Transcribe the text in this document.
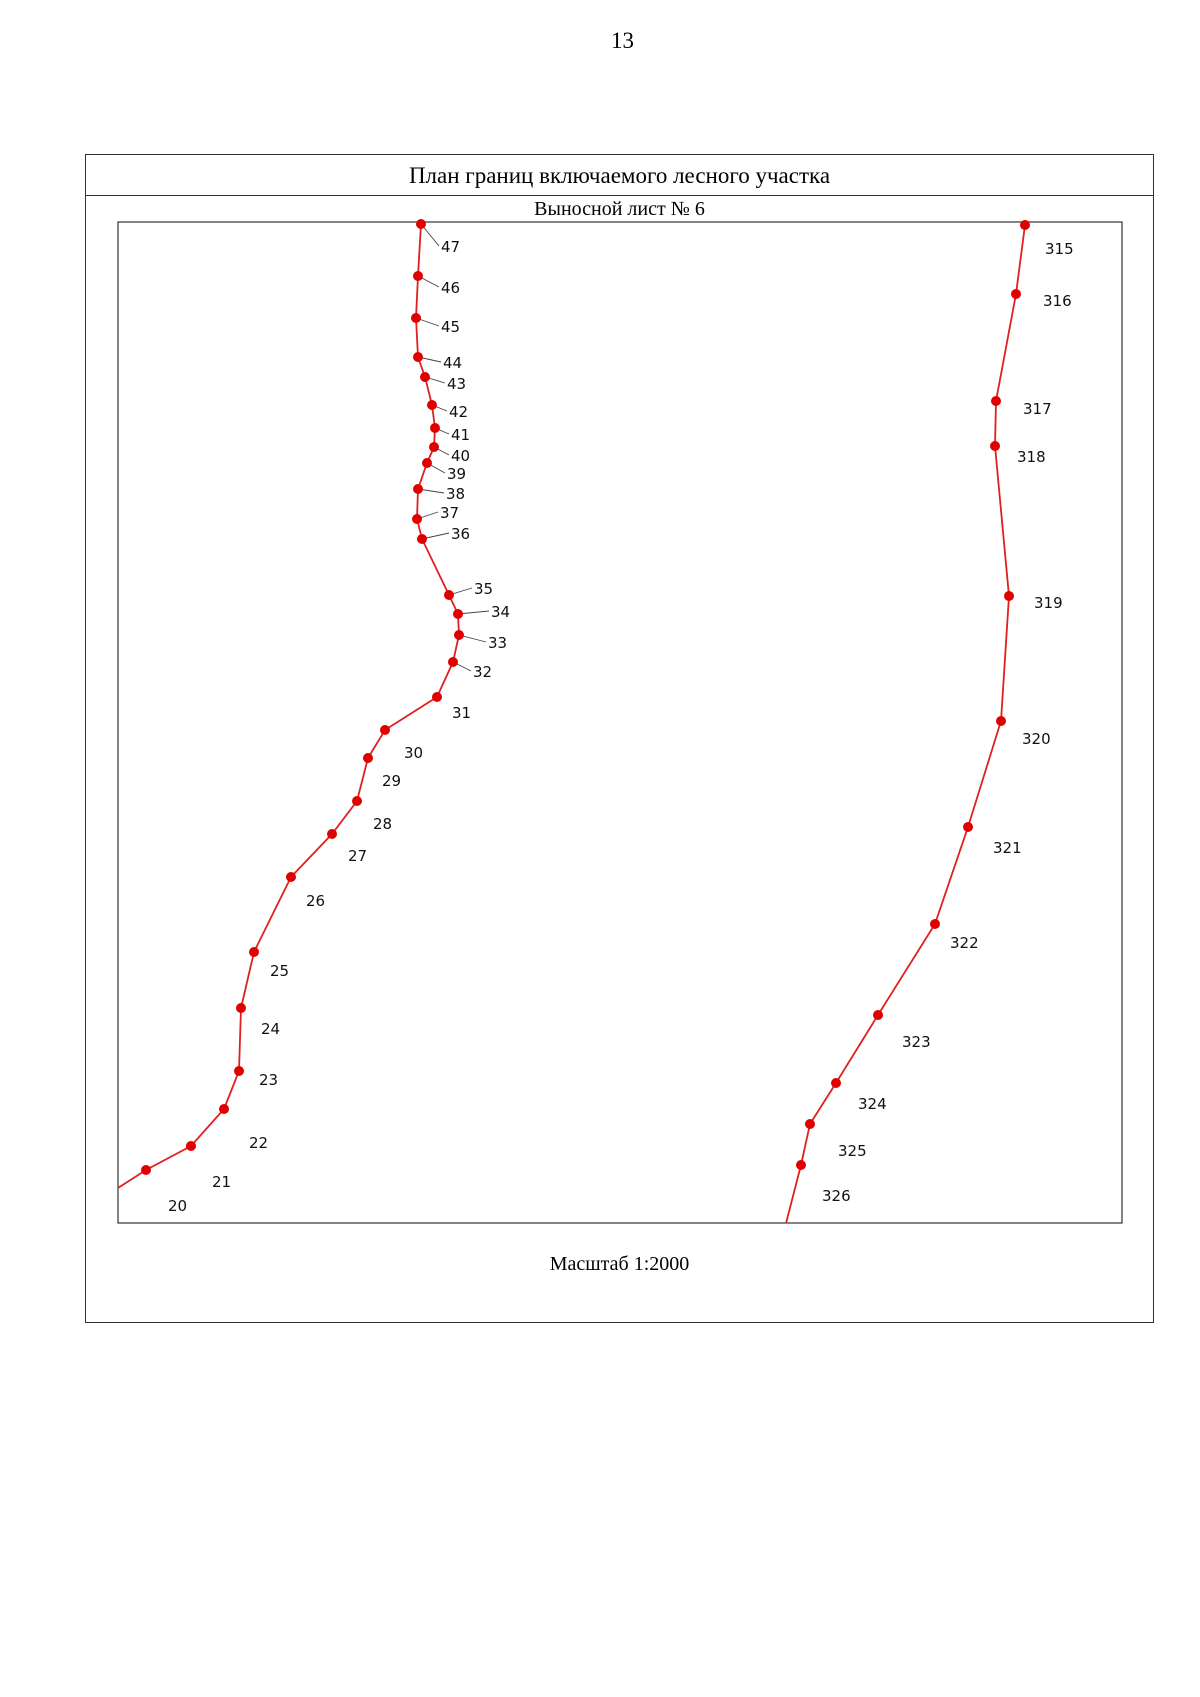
13
План границ включаемого лесного участка
Выносной лист № 6
Масштаб 1:2000
20
21
22
23
24
25
26
27
28
29
30
31
32
33
34
35
36
37
38
39
40
41
42
43
44
45
46
47	315
316
317
318
319
320
321
322
323
324
325
326
